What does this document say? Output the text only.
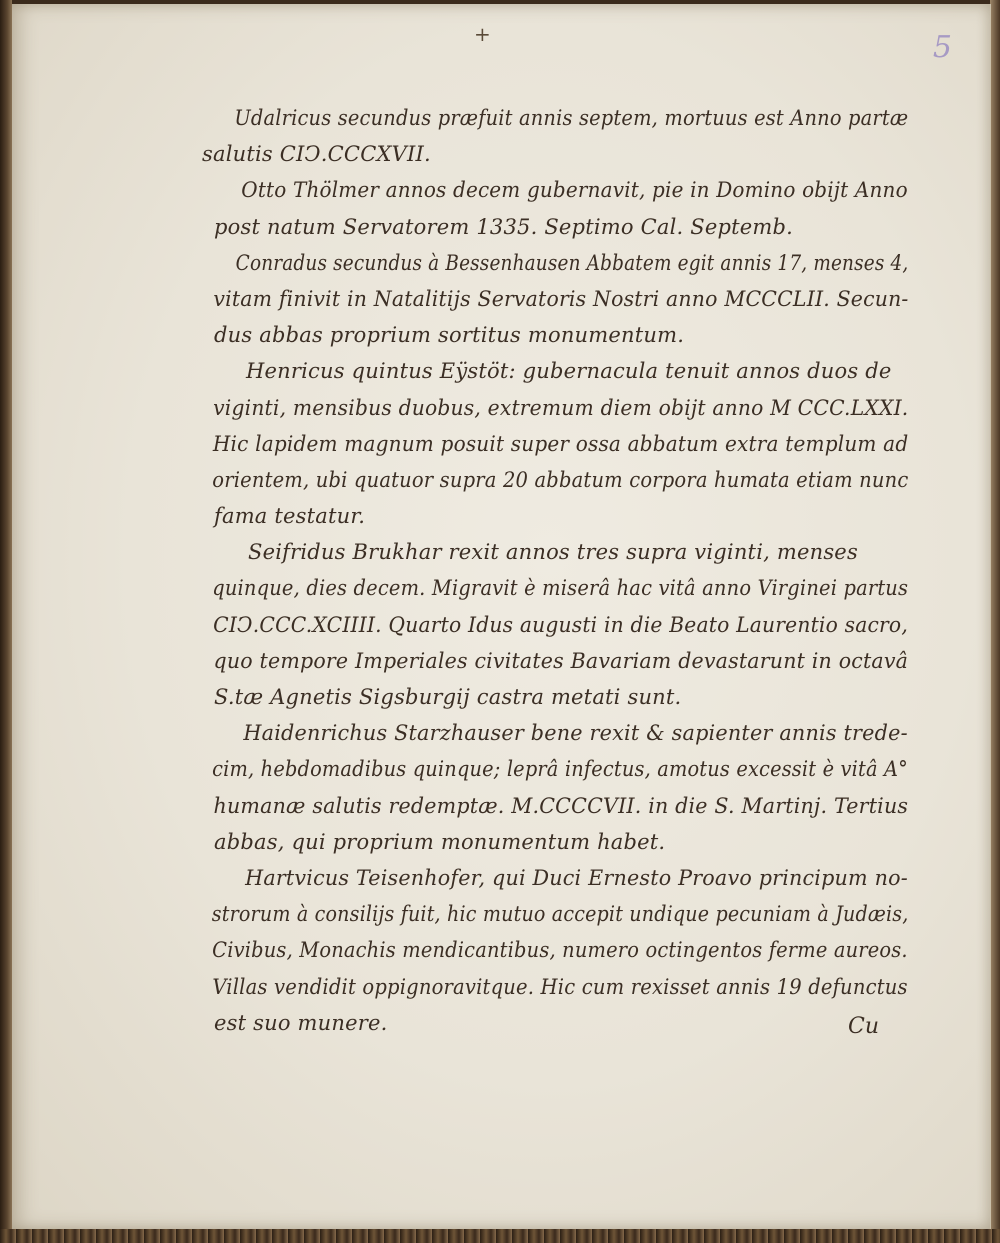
+	5
Udalricus secundus præfuit annis septem, mortuus est Anno partæ
salutis CIↃ.CCCXVII.
Otto Thölmer annos decem gubernavit, pie in Domino obijt Anno
post natum Servatorem 1335. Septimo Cal. Septemb.
Conradus secundus à Bessenhausen Abbatem egit annis 17, menses 4,
vitam finivit in Natalitijs Servatoris Nostri anno MCCCLII. Secun-
dus abbas proprium sortitus monumentum.
Henricus quintus Eÿstöt: gubernacula tenuit annos duos de
viginti, mensibus duobus, extremum diem obijt anno M CCC.LXXI.
Hic lapidem magnum posuit super ossa abbatum extra templum ad
orientem, ubi quatuor supra 20 abbatum corpora humata etiam nunc
fama testatur.
Seifridus Brukhar rexit annos tres supra viginti, menses
quinque, dies decem. Migravit è miserâ hac vitâ anno Virginei partus
CIↃ.CCC.XCIIII. Quarto Idus augusti in die Beato Laurentio sacro,
quo tempore Imperiales civitates Bavariam devastarunt in octavâ
S.tæ Agnetis Sigsburgij castra metati sunt.
Haidenrichus Starzhauser bene rexit & sapienter annis trede-
cim, hebdomadibus quinque; leprâ infectus, amotus excessit è vitâ A°
humanæ salutis redemptæ. M.CCCCVII. in die S. Martinj. Tertius
abbas, qui proprium monumentum habet.
Hartvicus Teisenhofer, qui Duci Ernesto Proavo principum no-
strorum à consilijs fuit, hic mutuo accepit undique pecuniam à Judæis,
Civibus, Monachis mendicantibus, numero octingentos ferme aureos.
Villas vendidit oppignoravitque. Hic cum rexisset annis 19 defunctus
est suo munere.	Cu
